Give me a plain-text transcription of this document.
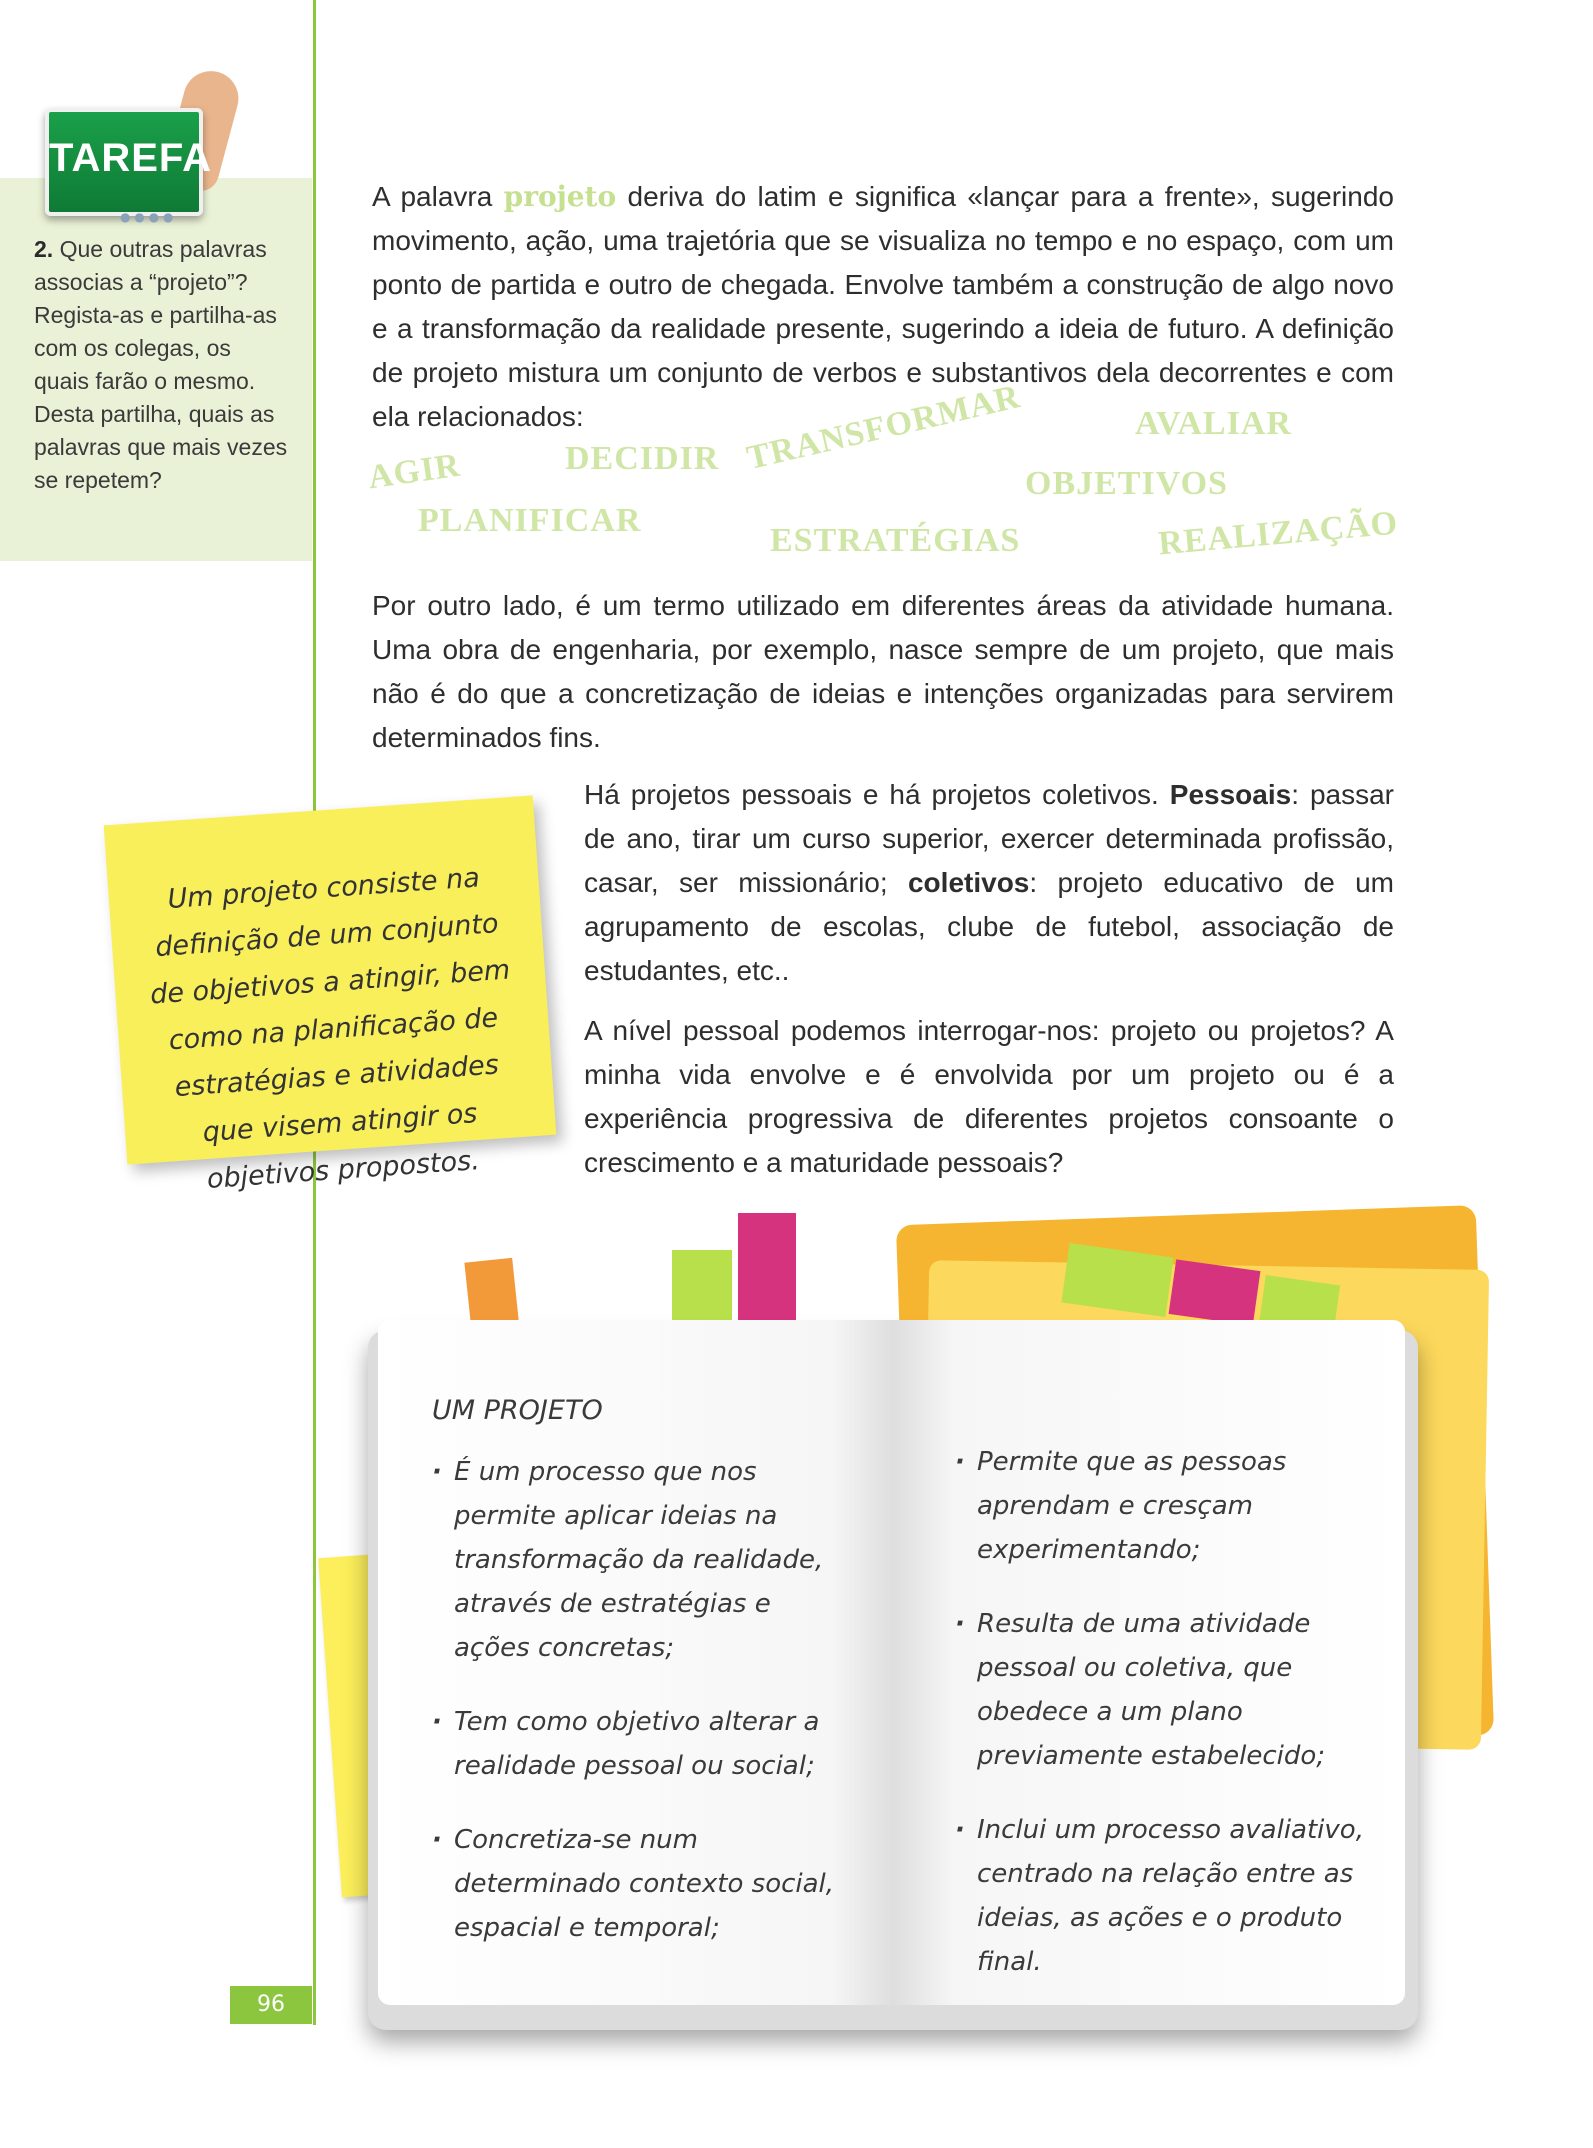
TAREFA
● ● ● ●

2. Que outras palavras associas a “projeto”? Regista-as e partilha-as com os colegas, os quais farão o mesmo. Desta partilha, quais as palavras que mais vezes se repetem?

A palavra projeto deriva do latim e significa «lançar para a frente», sugerindo movimento, ação, uma trajetória que se visualiza no tempo e no espaço, com um ponto de partida e outro de chegada. Envolve também a construção de algo novo e a transformação da realidade presente, sugerindo a ideia de futuro. A definição de projeto mistura um conjunto de verbos e substantivos dela decorrentes e com ela relacionados:

AGIR	DECIDIR TRANSFORMAR	AVALIAR
OBJETIVOS
PLANIFICAR
ESTRATÉGIAS	REALIZAÇÃO

Por outro lado, é um termo utilizado em diferentes áreas da atividade humana. Uma obra de engenharia, por exemplo, nasce sempre de um projeto, que mais não é do que a concretização de ideias e intenções organizadas para servirem determinados fins.

Há projetos pessoais e há projetos coletivos. Pessoais: passar de ano, tirar um curso superior, exercer determinada profissão, casar, ser missionário; coletivos: projeto educativo de um agrupamento de escolas, clube de futebol, associação de estudantes, etc..

A nível pessoal podemos interrogar-nos: projeto ou projetos? A minha vida envolve e é envolvida por um projeto ou é a experiência progressiva de diferentes projetos consoante o crescimento e a maturidade pessoais?

Um projeto consiste na definição de um conjunto de objetivos a atingir, bem como na planificação de estratégias e atividades que visem atingir os objetivos propostos.

UM PROJETO
· É um processo que nos permite aplicar ideias na transformação da realidade, através de estratégias e ações concretas;
· Tem como objetivo alterar a realidade pessoal ou social;
· Concretiza-se num determinado contexto social, espacial e temporal;
· Permite que as pessoas aprendam e cresçam experimentando;
· Resulta de uma atividade pessoal ou coletiva, que obedece a um plano previamente estabelecido;
· Inclui um processo avaliativo, centrado na relação entre as ideias, as ações e o produto final.
96
